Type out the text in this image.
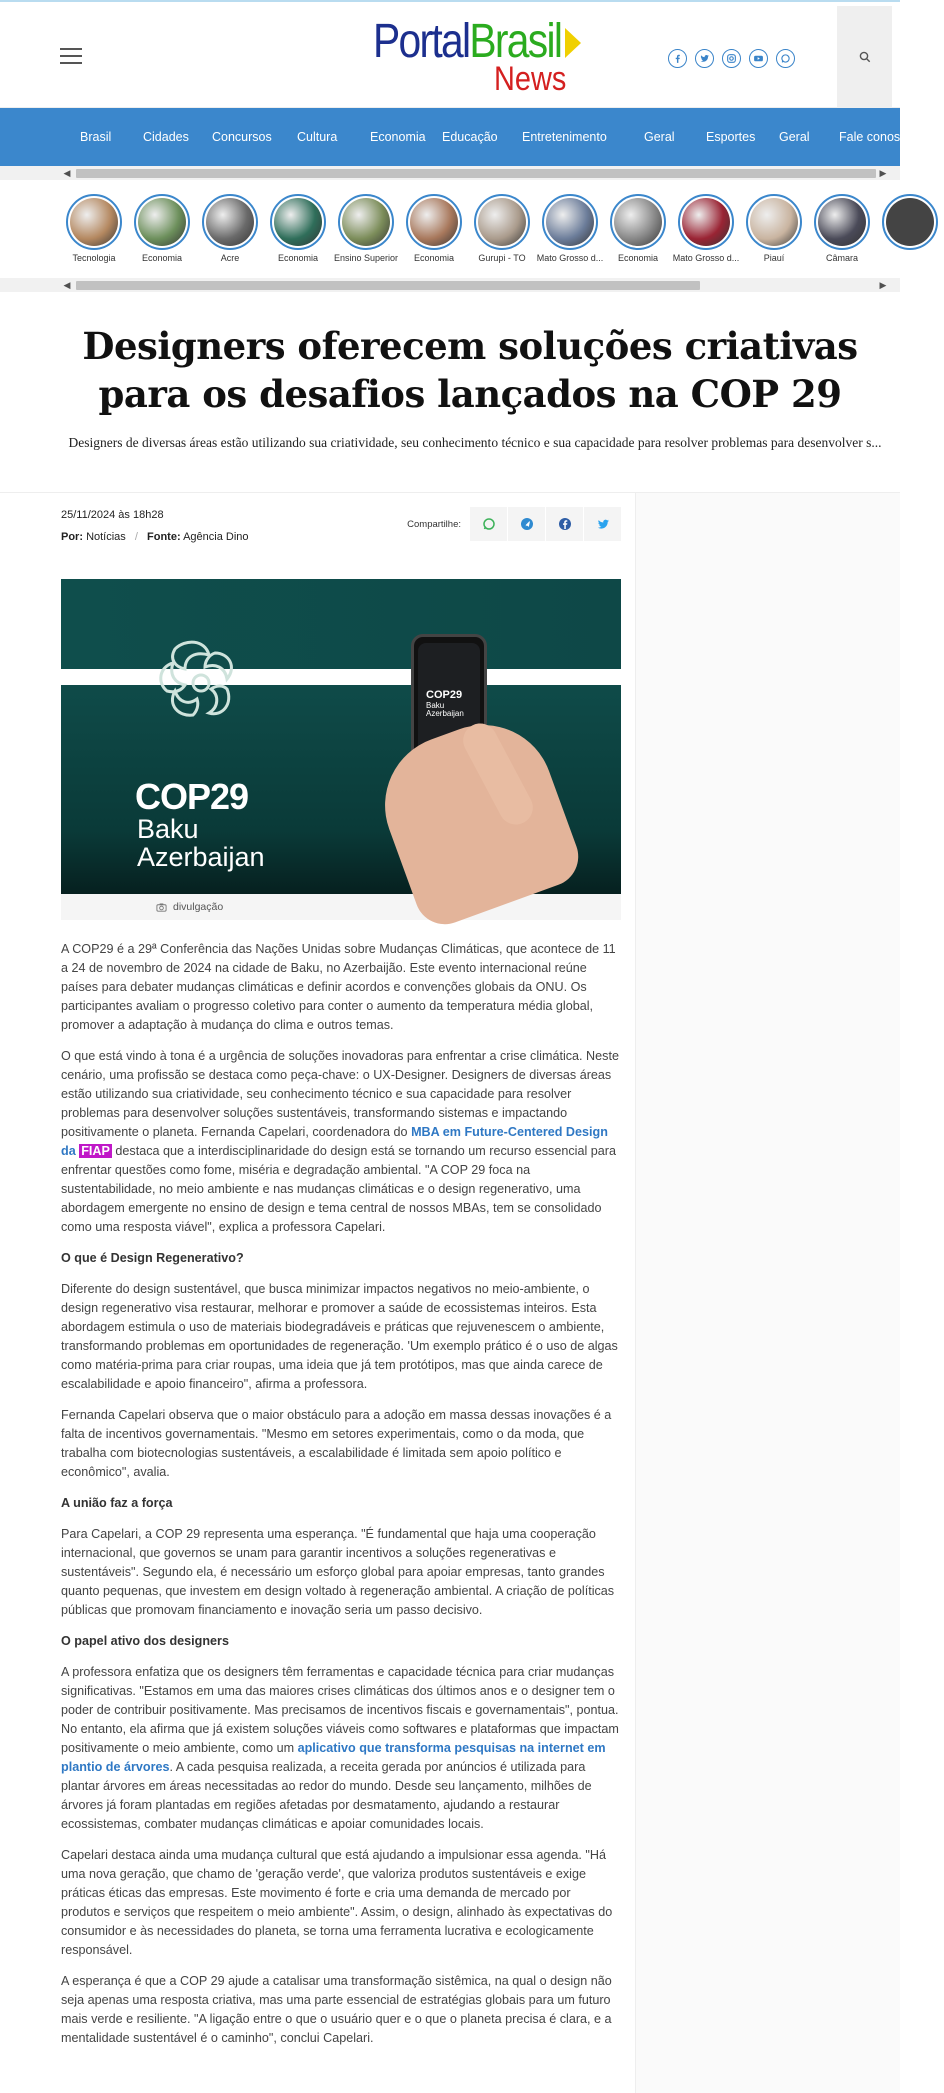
PortalBrasil
News
Brasil	Cidades	Concursos	Cultura	Economia	Educação	Entretenimento	Geral	Esportes	Geral	Fale conosco
◀	▶
Tecnologia	Economia	Acre	Economia	Ensino Superior	Economia	Gurupi - TO	Mato Grosso d...	Economia	Mato Grosso d...	Piauí	Câmara
◀	▶
Designers oferecem soluções criativas para os desafios lançados na COP 29
Designers de diversas áreas estão utilizando sua criatividade, seu conhecimento técnico e sua capacidade para resolver problemas para desenvolver s...
25/11/2024 às 18h28
Por: Notícias / Fonte: Agência Dino
Compartilhe:
COP29
Baku
Azerbaijan
COP29
Baku
Azerbaijan
divulgação

A COP29 é a 29ª Conferência das Nações Unidas sobre Mudanças Climáticas, que acontece de 11 a 24 de novembro de 2024 na cidade de Baku, no Azerbaijão. Este evento internacional reúne países para debater mudanças climáticas e definir acordos e convenções globais da ONU. Os participantes avaliam o progresso coletivo para conter o aumento da temperatura média global, promover a adaptação à mudança do clima e outros temas.

O que está vindo à tona é a urgência de soluções inovadoras para enfrentar a crise climática. Neste cenário, uma profissão se destaca como peça-chave: o UX-Designer. Designers de diversas áreas estão utilizando sua criatividade, seu conhecimento técnico e sua capacidade para resolver problemas para desenvolver soluções sustentáveis, transformando sistemas e impactando positivamente o planeta. Fernanda Capelari, coordenadora do MBA em Future-Centered Design da FIAP destaca que a interdisciplinaridade do design está se tornando um recurso essencial para enfrentar questões como fome, miséria e degradação ambiental. "A COP 29 foca na sustentabilidade, no meio ambiente e nas mudanças climáticas e o design regenerativo, uma abordagem emergente no ensino de design e tema central de nossos MBAs, tem se consolidado como uma resposta viável", explica a professora Capelari.

O que é Design Regenerativo?

Diferente do design sustentável, que busca minimizar impactos negativos no meio-ambiente, o design regenerativo visa restaurar, melhorar e promover a saúde de ecossistemas inteiros. Esta abordagem estimula o uso de materiais biodegradáveis e práticas que rejuvenescem o ambiente, transformando problemas em oportunidades de regeneração. 'Um exemplo prático é o uso de algas como matéria-prima para criar roupas, uma ideia que já tem protótipos, mas que ainda carece de escalabilidade e apoio financeiro", afirma a professora.

Fernanda Capelari observa que o maior obstáculo para a adoção em massa dessas inovações é a falta de incentivos governamentais. "Mesmo em setores experimentais, como o da moda, que trabalha com biotecnologias sustentáveis, a escalabilidade é limitada sem apoio político e econômico", avalia.

A união faz a força

Para Capelari, a COP 29 representa uma esperança. "É fundamental que haja uma cooperação internacional, que governos se unam para garantir incentivos a soluções regenerativas e sustentáveis". Segundo ela, é necessário um esforço global para apoiar empresas, tanto grandes quanto pequenas, que investem em design voltado à regeneração ambiental. A criação de políticas públicas que promovam financiamento e inovação seria um passo decisivo.

O papel ativo dos designers

A professora enfatiza que os designers têm ferramentas e capacidade técnica para criar mudanças significativas. "Estamos em uma das maiores crises climáticas dos últimos anos e o designer tem o poder de contribuir positivamente. Mas precisamos de incentivos fiscais e governamentais", pontua. No entanto, ela afirma que já existem soluções viáveis como softwares e plataformas que impactam positivamente o meio ambiente, como um aplicativo que transforma pesquisas na internet em plantio de árvores. A cada pesquisa realizada, a receita gerada por anúncios é utilizada para plantar árvores em áreas necessitadas ao redor do mundo. Desde seu lançamento, milhões de árvores já foram plantadas em regiões afetadas por desmatamento, ajudando a restaurar ecossistemas, combater mudanças climáticas e apoiar comunidades locais.

Capelari destaca ainda uma mudança cultural que está ajudando a impulsionar essa agenda. "Há uma nova geração, que chamo de 'geração verde', que valoriza produtos sustentáveis e exige práticas éticas das empresas. Este movimento é forte e cria uma demanda de mercado por produtos e serviços que respeitem o meio ambiente". Assim, o design, alinhado às expectativas do consumidor e às necessidades do planeta, se torna uma ferramenta lucrativa e ecologicamente responsável.

A esperança é que a COP 29 ajude a catalisar uma transformação sistêmica, na qual o design não seja apenas uma resposta criativa, mas uma parte essencial de estratégias globais para um futuro mais verde e resiliente. "A ligação entre o que o usuário quer e o que o planeta precisa é clara, e a mentalidade sustentável é o caminho", conclui Capelari.
